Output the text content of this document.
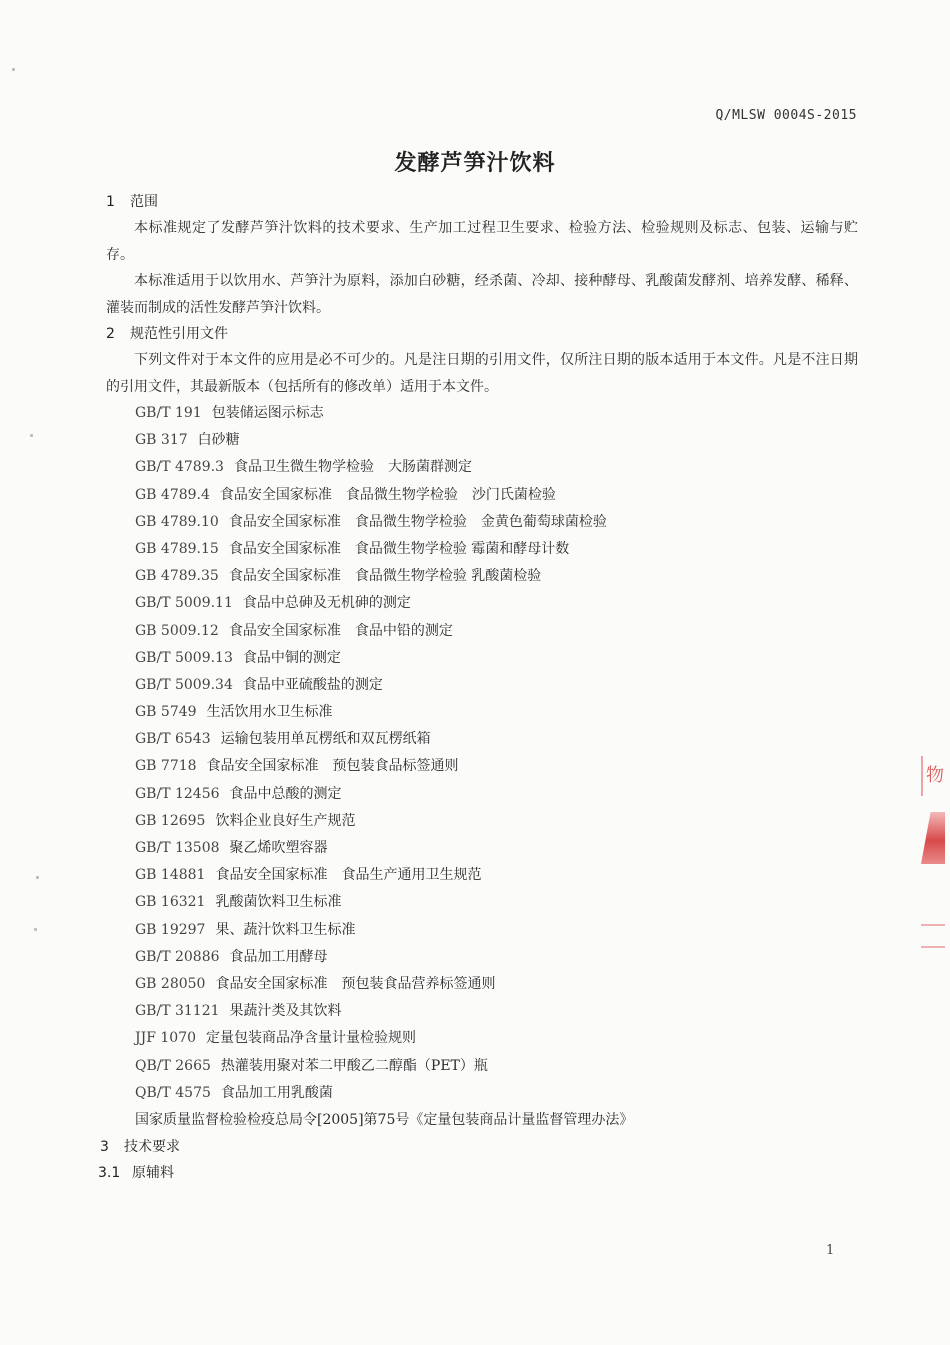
Q/MLSW 0004S-2015
发酵芦笋汁饮料
1 范围

本标准规定了发酵芦笋汁饮料的技术要求、生产加工过程卫生要求、检验方法、检验规则及标志、包装、运输与贮存。

本标准适用于以饮用水、芦笋汁为原料，添加白砂糖，经杀菌、冷却、接种酵母、乳酸菌发酵剂、培养发酵、稀释、灌装而制成的活性发酵芦笋汁饮料。

2 规范性引用文件

下列文件对于本文件的应用是必不可少的。凡是注日期的引用文件，仅所注日期的版本适用于本文件。凡是不注日期的引用文件，其最新版本（包括所有的修改单）适用于本文件。

GB/T 191 包装储运图示标志
GB 317 白砂糖
GB/T 4789.3 食品卫生微生物学检验　大肠菌群测定
GB 4789.4 食品安全国家标准　食品微生物学检验　沙门氏菌检验
GB 4789.10 食品安全国家标准　食品微生物学检验　金黄色葡萄球菌检验
GB 4789.15 食品安全国家标准　食品微生物学检验 霉菌和酵母计数
GB 4789.35 食品安全国家标准　食品微生物学检验 乳酸菌检验
GB/T 5009.11 食品中总砷及无机砷的测定
GB 5009.12 食品安全国家标准　食品中铅的测定
GB/T 5009.13 食品中铜的测定
GB/T 5009.34 食品中亚硫酸盐的测定
GB 5749 生活饮用水卫生标准
GB/T 6543 运输包装用单瓦楞纸和双瓦楞纸箱
GB 7718 食品安全国家标准　预包装食品标签通则
GB/T 12456 食品中总酸的测定
GB 12695 饮料企业良好生产规范
GB/T 13508 聚乙烯吹塑容器
GB 14881 食品安全国家标准　食品生产通用卫生规范
GB 16321 乳酸菌饮料卫生标准
GB 19297 果、蔬汁饮料卫生标准
GB/T 20886 食品加工用酵母
GB 28050 食品安全国家标准　预包装食品营养标签通则
GB/T 31121 果蔬汁类及其饮料
JJF 1070 定量包装商品净含量计量检验规则
QB/T 2665 热灌装用聚对苯二甲酸乙二醇酯（PET）瓶
QB/T 4575 食品加工用乳酸菌
国家质量监督检验检疫总局令[2005]第75号《定量包装商品计量监督管理办法》
3 技术要求
3.1 原辅料
1
物
